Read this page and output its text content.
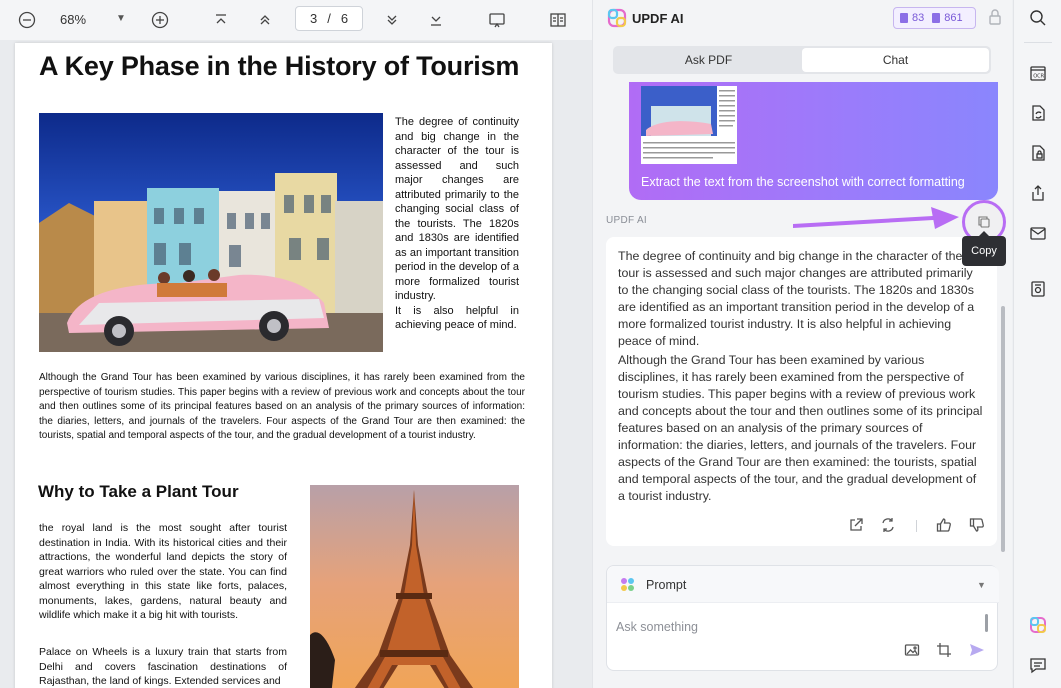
68%	▼	3 / 6
A Key Phase in the History of Tourism
The degree of continuity and big change in the character of the tour is assessed and such major changes are attributed primarily to the changing social class of the tourists. The 1820s and 1830s are identified as an important transition period in the develop of a more formalized tourist industry.
It is also helpful in achieving peace of mind.
Although the Grand Tour has been examined by various disciplines, it has rarely been examined from the perspective of tourism studies. This paper begins with a review of previous work and concepts about the tour and then outlines some of its principal features based on an analysis of the primary sources of information: the diaries, letters, and journals of the travelers. Four aspects of the Grand Tour are then examined: the tourists, spatial and temporal aspects of the tour, and the gradual development of a tourist industry.
Why to Take a Plant Tour
the royal land is the most sought after tourist destination in India. With its historical cities and their attractions, the wonderful land depicts the story of great warriors who ruled over the state. You can find almost everything in this state like forts, palaces, monuments, lakes, gardens, natural beauty and wildlife which make it a big hit with tourists.
Palace on Wheels is a luxury train that starts from Delhi and covers fascination destinations of Rajasthan, the land of kings. Extended services and
UPDF AI	83 861
Ask PDF	Chat
Extract the text from the screenshot with correct formatting
UPDF AI

The degree of continuity and big change in the character of the tour is assessed and such major changes are attributed primarily to the changing social class of the tourists. The 1820s and 1830s are identified as an important transition period in the develop of a more formalized tourist industry. It is also helpful in achieving peace of mind.

Although the Grand Tour has been examined by various disciplines, it has rarely been examined from the perspective of tourism studies. This paper begins with a review of previous work and concepts about the tour and then outlines some of its principal features based on an analysis of the primary sources of information: the diaries, letters, and journals of the travelers. Four aspects of the Grand Tour are then examined: the tourists, spatial and temporal aspects of the tour, and the gradual development of a tourist industry.

Copy
Prompt	▼
Ask something
OCR
